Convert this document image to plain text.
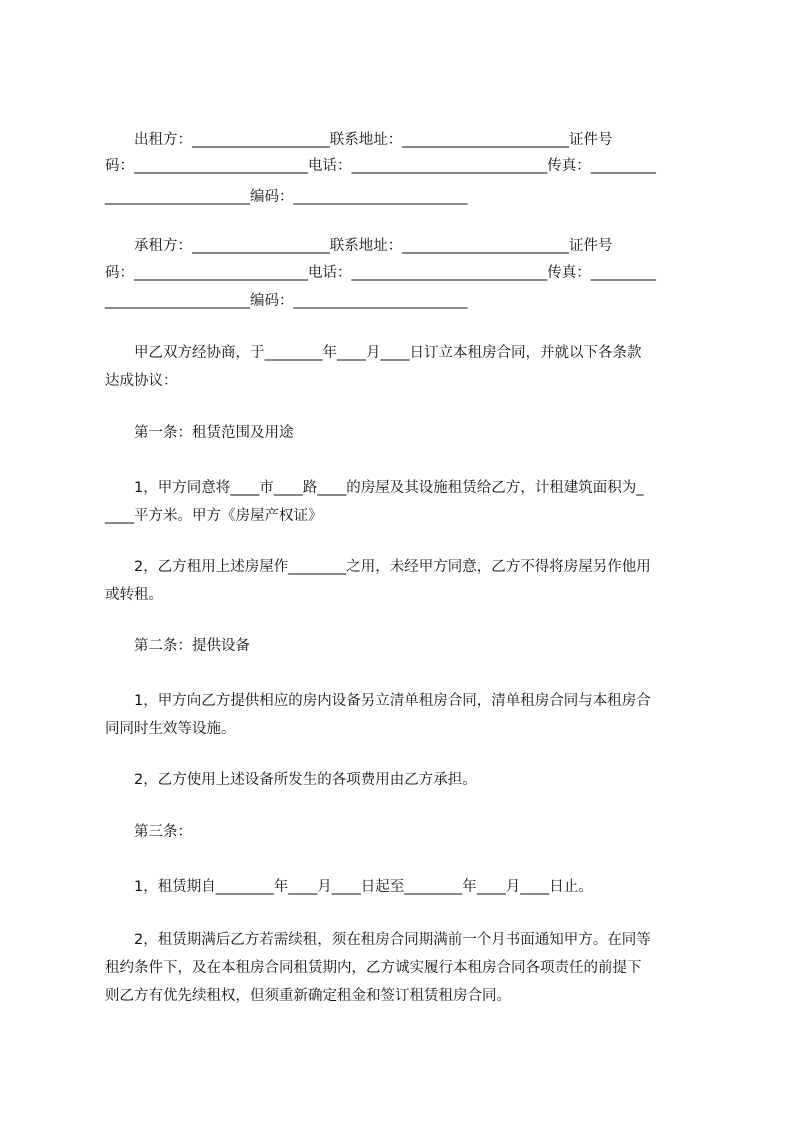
　　出租方：___________________联系地址：_______________________证件号
码：________________________电话：___________________________传真：_________
____________________编码：________________________
　　承租方：___________________联系地址：_______________________证件号
码：________________________电话：___________________________传真：_________
____________________编码：________________________
　　甲乙双方经协商，于________年____月____日订立本租房合同，并就以下各条款
达成协议：
　　第一条：租赁范围及用途
　　1，甲方同意将____市____路____的房屋及其设施租赁给乙方，计租建筑面积为_
____平方米。甲方《房屋产权证》
　　2，乙方租用上述房屋作________之用，未经甲方同意，乙方不得将房屋另作他用
或转租。
　　第二条：提供设备
　　1，甲方向乙方提供相应的房内设备另立清单租房合同，清单租房合同与本租房合
同同时生效等设施。
　　2，乙方使用上述设备所发生的各项费用由乙方承担。
　　第三条：
　　1，租赁期自________年____月____日起至________年____月____日止。
　　2，租赁期满后乙方若需续租，须在租房合同期满前一个月书面通知甲方。在同等
租约条件下，及在本租房合同租赁期内，乙方诚实履行本租房合同各项责任的前提下
则乙方有优先续租权，但须重新确定租金和签订租赁租房合同。
